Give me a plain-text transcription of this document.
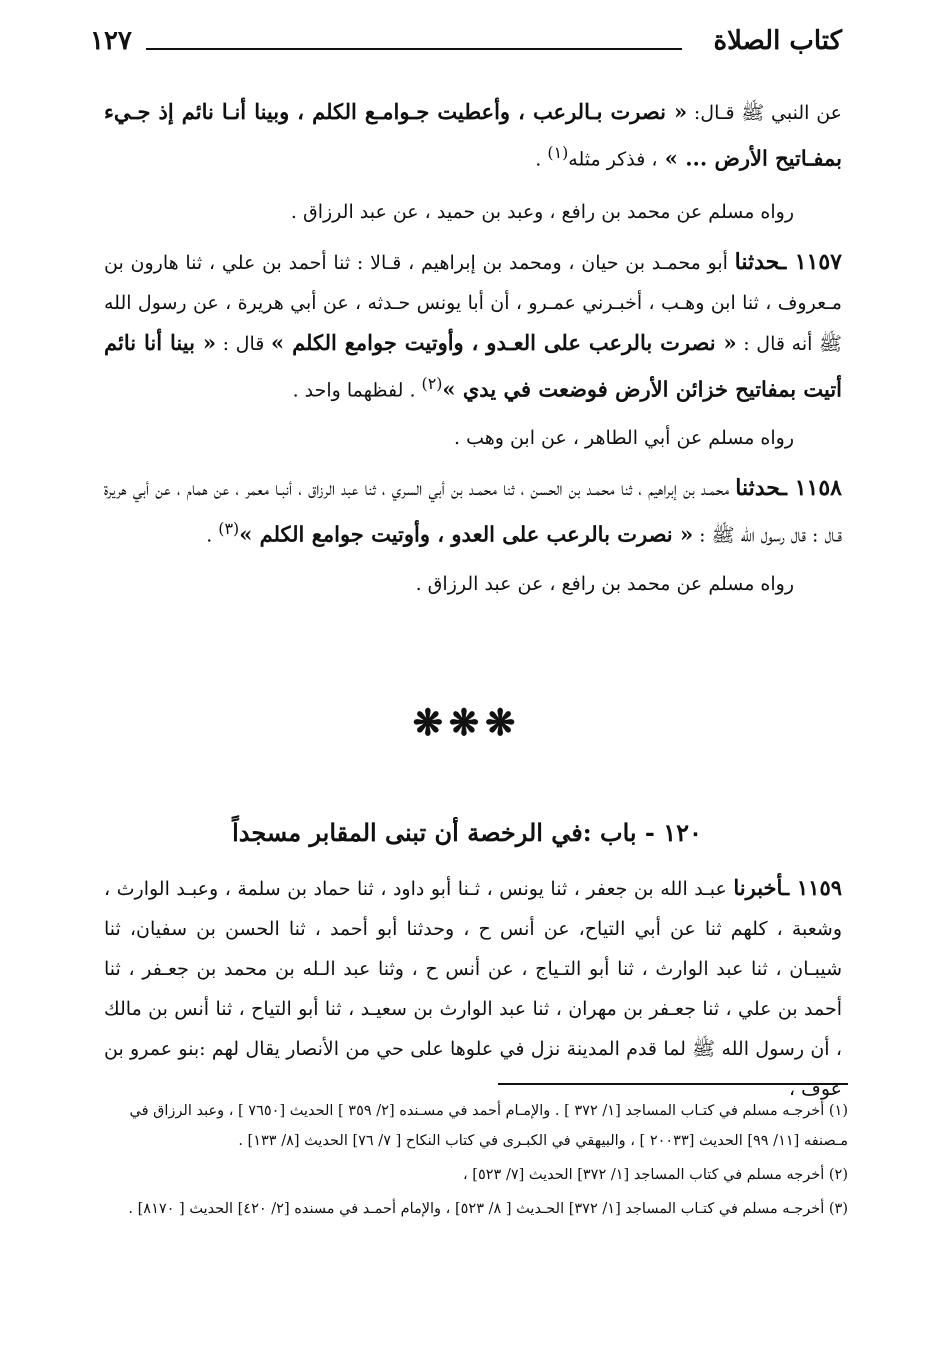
كتاب الصلاة
١٢٧

عن النبي ﷺ قـال: « نصرت بـالرعب ، وأعطيت جـوامـع الكلم ، وبينا أنـا نائم إذ جـيء بمفـاتيح الأرض ... » ، فذكر مثله$^{(١)}$ .

رواه مسلم عن محمد بن رافع ، وعبد بن حميد ، عن عبد الرزاق .

١١٥٧ ـحدثنا أبو محمـد بن حيان ، ومحمد بن إبراهيم ، قـالا : ثنا أحمد بن علي ، ثنا هارون بن مـعروف ، ثنا ابن وهـب ، أخبـرني عمـرو ، أن أبا يونس حـدثه ، عن أبي هريرة ، عن رسول الله ﷺ أنه قال : « نصرت بالرعب على العـدو ، وأوتيت جوامع الكلم » قال : « بينا أنا نائم أتيت بمفاتيح خزائن الأرض فوضعت في يدي »$^{(٢)}$ . لفظهما واحد .

رواه مسلم عن أبي الطاهر ، عن ابن وهب .

١١٥٨ ـحدثنا محمـد بن إبراهيم ، ثنا محمـد بن الحسن ، ثنا محمـد بن أبي السري ، ثنا عبد الرزاق ، أنبـا معمر ، عن همام ، عن أبي هريرة قـال : قال رسول الله ﷺ : « نصرت بالرعب على العدو ، وأوتيت جوامع الكلم »$^{(٣)}$ .

رواه مسلم عن محمد بن رافع ، عن عبد الرزاق .

❋❋❋
١٢٠ - باب :في الرخصة أن تبنى المقابر مسجداً

١١٥٩ ـأخبرنا عبـد الله بن جعفر ، ثنا يونس ، ثـنا أبو داود ، ثنا حماد بن سلمة ، وعبـد الوارث ، وشعبة ، كلهم ثنا عن أبي التياح، عن أنس ح ، وحدثنا أبو أحمد ، ثنا الحسن بن سفيان، ثنا شيبـان ، ثنا عبد الوارث ، ثنا أبو التـياج ، عن أنس ح ، وثنا عبد الـله بن محمد بن جعـفر ، ثنا أحمد بن علي ، ثنا جعـفر بن مهران ، ثنا عبد الوارث بن سعيـد ، ثنا أبو التياح ، ثنا أنس بن مالك ، أن رسول الله ﷺ لما قدم المدينة نزل في علوها على حي من الأنصار يقال لهم :بنو عمرو بن عوف ،

(١) أخرجـه مسلم في كتـاب المساجد [١/ ٣٧٢ ] . والإمـام أحمد في مسـنده [٢/ ٣٥٩ ] الحديث [٧٦٥٠ ] ، وعبد الرزاق في مـصنفه [١١/ ٩٩] الحديث [٢٠٠٣٣ ] ، والبيهقي في الكبـرى في كتاب النكاح [ ٧/ ٧٦] الحديث [٨/ ١٣٣] .

(٢) أخرجه مسلم في كتاب المساجد [١/ ٣٧٢] الحديث [٧/ ٥٢٣] ،

(٣) أخرجـه مسلم في كتـاب المساجد [١/ ٣٧٢] الحـديث [ ٨/ ٥٢٣] ، والإمام أحمـد في مسنده [٢/ ٤٢٠] الحديث [ ٨١٧٠] .
